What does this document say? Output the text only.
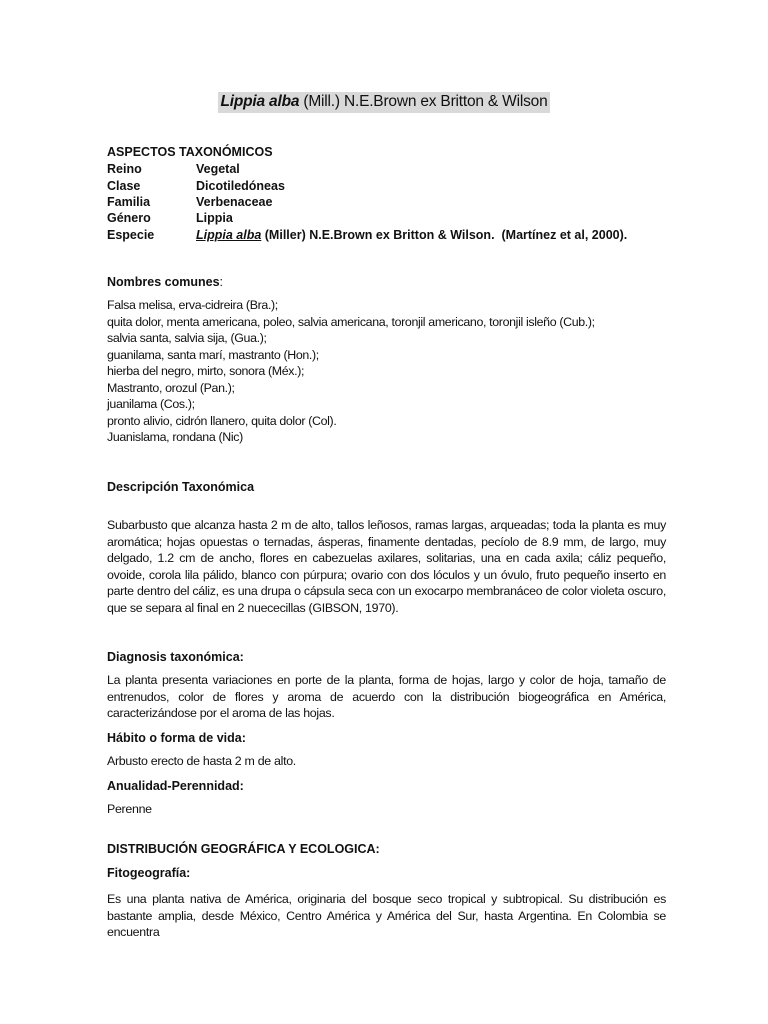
Lippia alba (Mill.) N.E.Brown ex Britton & Wilson
ASPECTOS TAXONÓMICOS
Reino	Vegetal
Clase	Dicotiledóneas
Familia	Verbenaceae
Género	Lippia
Especie	Lippia alba (Miller) N.E.Brown ex Britton & Wilson. (Martínez et al, 2000).
Nombres comunes:
Falsa melisa, erva-cidreira (Bra.);
quita dolor, menta americana, poleo, salvia americana, toronjil americano, toronjil isleño (Cub.);
salvia santa, salvia sija, (Gua.);
guanilama, santa marí, mastranto (Hon.);
hierba del negro, mirto, sonora (Méx.);
Mastranto, orozul (Pan.);
juanilama (Cos.);
pronto alivio, cidrón llanero, quita dolor (Col).
Juanislama, rondana (Nic)
Descripción Taxonómica
Subarbusto que alcanza hasta 2 m de alto, tallos leñosos, ramas largas, arqueadas; toda la planta es muy aromática; hojas opuestas o ternadas, ásperas, finamente dentadas, pecíolo de 8.9 mm, de largo, muy delgado, 1.2 cm de ancho, flores en cabezuelas axilares, solitarias, una en cada axila; cáliz pequeño, ovoide, corola lila pálido, blanco con púrpura; ovario con dos lóculos y un óvulo, fruto pequeño inserto en parte dentro del cáliz, es una drupa o cápsula seca con un exocarpo membranáceo de color violeta oscuro, que se separa al final en 2 nuececillas (GIBSON, 1970).
Diagnosis taxonómica:
La planta presenta variaciones en porte de la planta, forma de hojas, largo y color de hoja, tamaño de entrenudos, color de flores y aroma de acuerdo con la distribución biogeográfica en América, caracterizándose por el aroma de las hojas.
Hábito o forma de vida:
Arbusto erecto de hasta 2 m de alto.
Anualidad-Perennidad:
Perenne
DISTRIBUCIÓN GEOGRÁFICA Y ECOLOGICA:
Fitogeografía:
Es una planta nativa de América, originaria del bosque seco tropical y subtropical. Su distribución es bastante amplia, desde México, Centro América y América del Sur, hasta Argentina. En Colombia se encuentra
